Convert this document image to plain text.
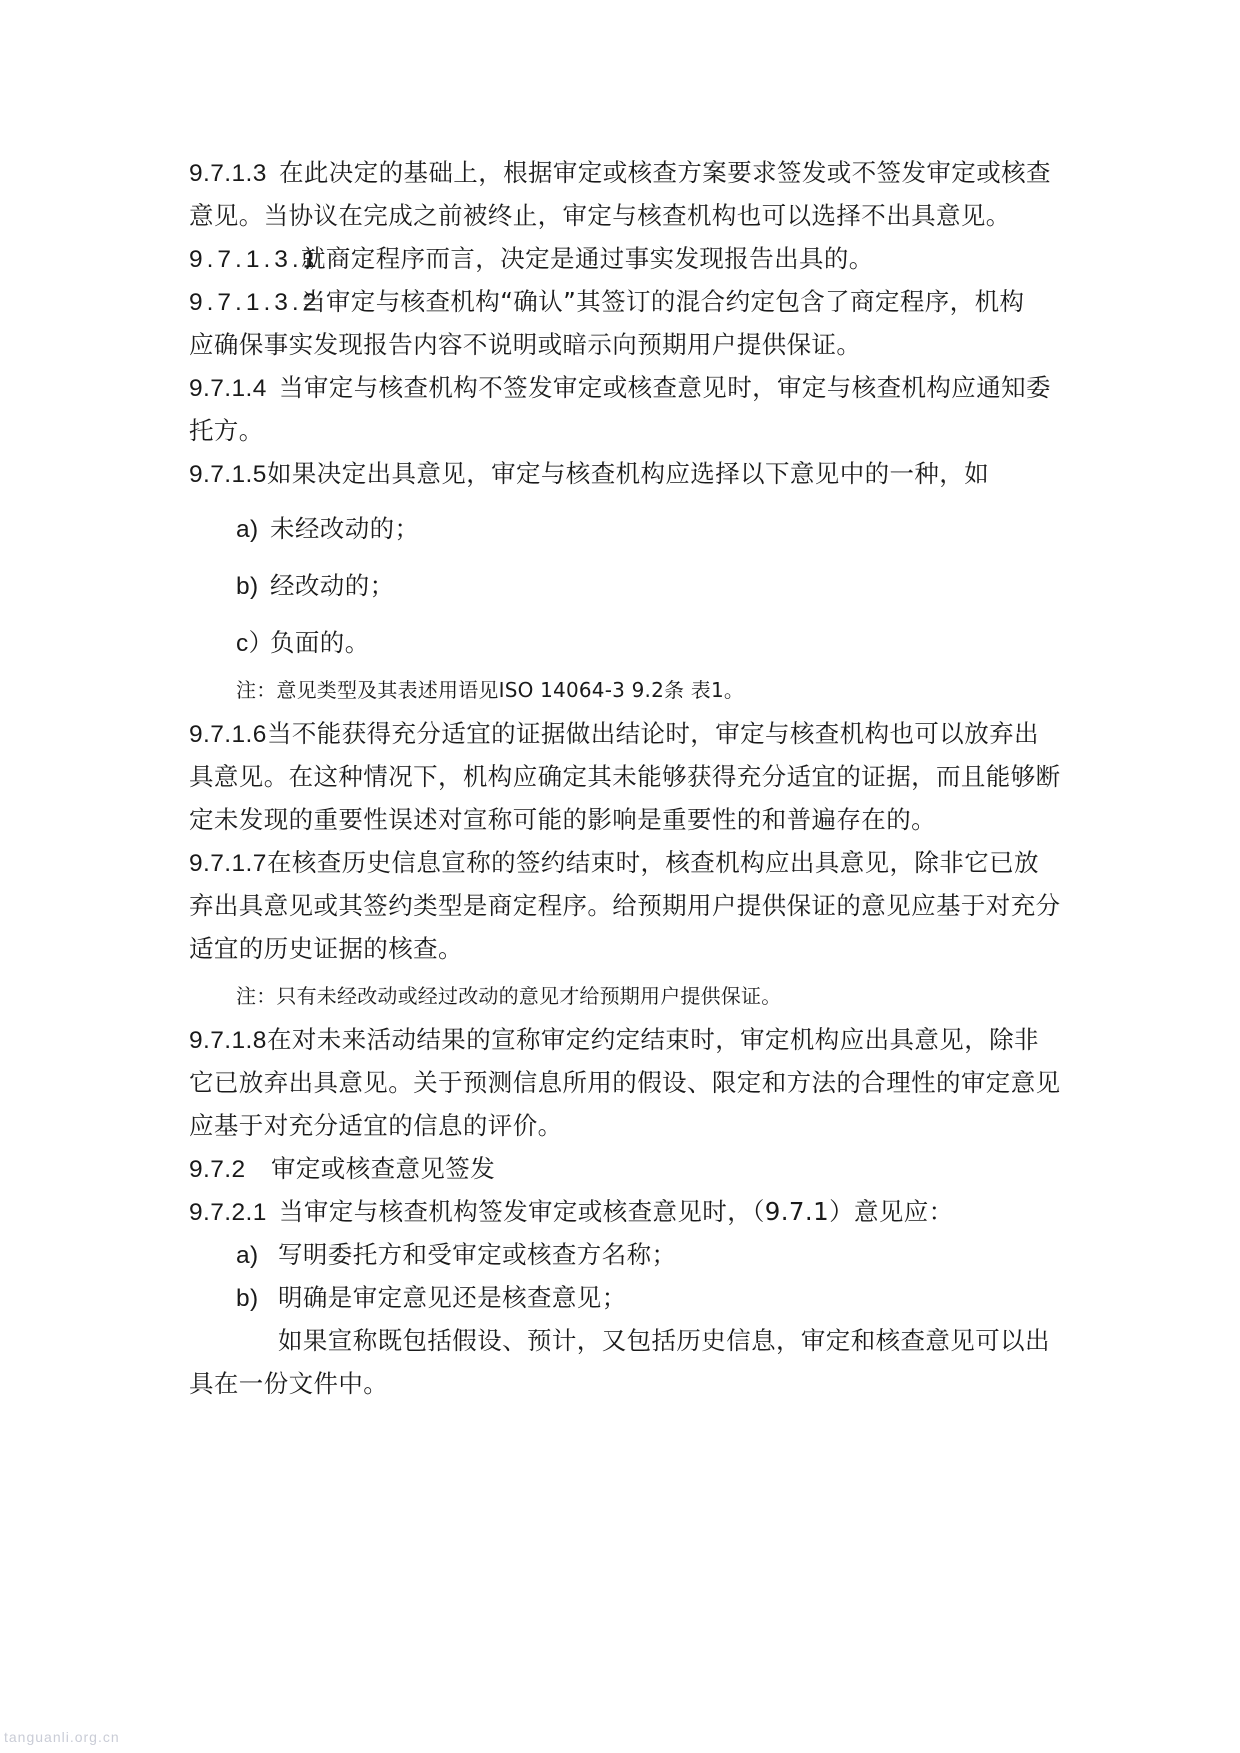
9.7.1.3 在此决定的基础上，根据审定或核查方案要求签发或不签发审定或核查
意见。当协议在完成之前被终止，审定与核查机构也可以选择不出具意见。
9.7.1.3.1就商定程序而言，决定是通过事实发现报告出具的。
9.7.1.3.2当审定与核查机构“确认”其签订的混合约定包含了商定程序，机构
应确保事实发现报告内容不说明或暗示向预期用户提供保证。
9.7.1.4 当审定与核查机构不签发审定或核查意见时，审定与核查机构应通知委
托方。
9.7.1.5如果决定出具意见，审定与核查机构应选择以下意见中的一种，如
a) 未经改动的；
b) 经改动的；
c）负面的。
注：意见类型及其表述用语见ISO 14064-3 9.2条 表1。
9.7.1.6当不能获得充分适宜的证据做出结论时，审定与核查机构也可以放弃出
具意见。在这种情况下，机构应确定其未能够获得充分适宜的证据，而且能够断
定未发现的重要性误述对宣称可能的影响是重要性的和普遍存在的。
9.7.1.7在核查历史信息宣称的签约结束时，核查机构应出具意见，除非它已放
弃出具意见或其签约类型是商定程序。给预期用户提供保证的意见应基于对充分
适宜的历史证据的核查。
注：只有未经改动或经过改动的意见才给预期用户提供保证。
9.7.1.8在对未来活动结果的宣称审定约定结束时，审定机构应出具意见，除非
它已放弃出具意见。关于预测信息所用的假设、限定和方法的合理性的审定意见
应基于对充分适宜的信息的评价。
9.7.2 审定或核查意见签发
9.7.2.1 当审定与核查机构签发审定或核查意见时，（9.7.1）意见应：
a) 写明委托方和受审定或核查方名称；
b) 明确是审定意见还是核查意见；
如果宣称既包括假设、预计，又包括历史信息，审定和核查意见可以出
具在一份文件中。
tanguanli.org.cn
